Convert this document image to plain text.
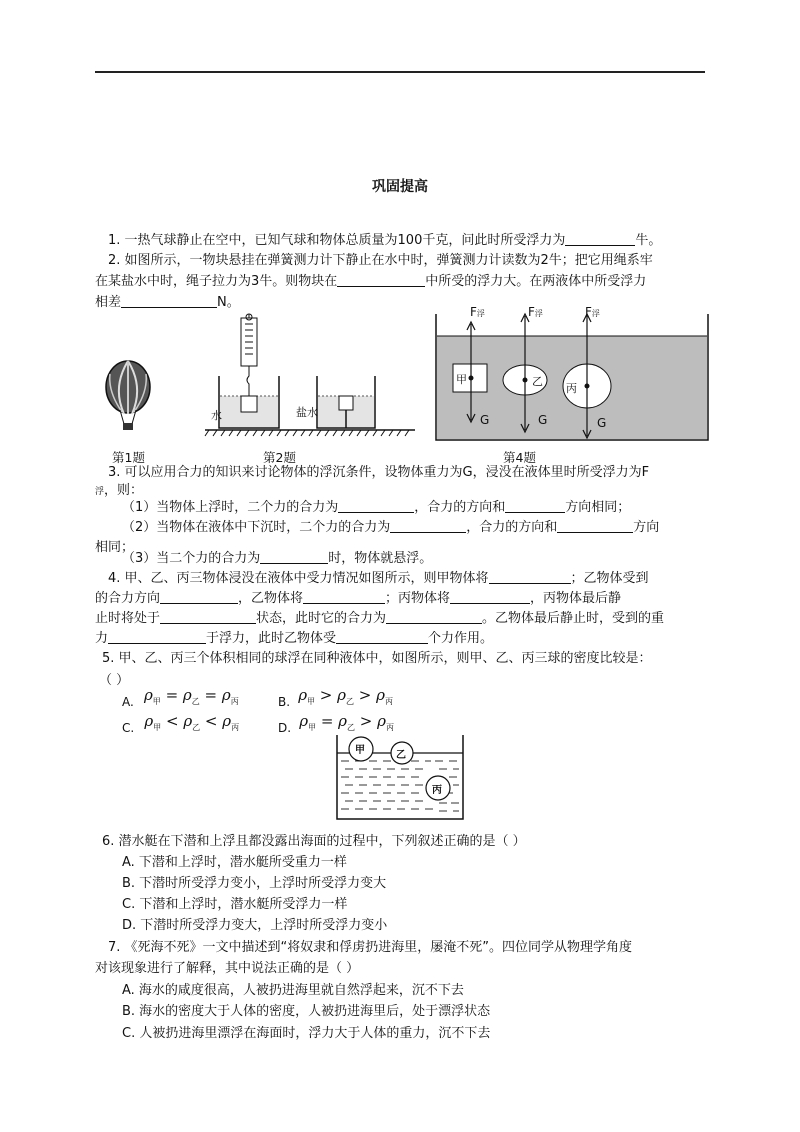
巩固提高
1. 一热气球静止在空中，已知气球和物体总质量为100千克，问此时所受浮力为	牛。
2. 如图所示，一物块悬挂在弹簧测力计下静止在水中时，弹簧测力计读数为2牛；把它用绳系牢
在某盐水中时，绳子拉力为3牛。则物块在	中所受的浮力大。在两液体中所受浮力
相差	N。
第1题
水	盐水
第2题
F浮	F浮	F浮
G	G	G
甲	乙
丙
第4题
3. 可以应用合力的知识来讨论物体的浮沉条件，设物体重力为G，浸没在液体里时所受浮力为F
浮，则：
（1）当物体上浮时，二个力的合力为	，合力的方向和	方向相同；
（2）当物体在液体中下沉时，二个力的合力为	，合力的方向和	方向
相同；
（3）当二个力的合力为	时，物体就悬浮。
4. 甲、乙、丙三物体浸没在液体中受力情况如图所示，则甲物体将	；乙物体受到
的合力方向	，乙物体将	；丙物体将	，丙物体最后静
止时将处于	状态，此时它的合力为	。乙物体最后静止时，受到的重
力	于浮力，此时乙物体受	个力作用。
5. 甲、乙、丙三个体积相同的球浮在同种液体中，如图所示，则甲、乙、丙三球的密度比较是：
（ ）
A. $\rho_甲 = \rho_乙 = \rho_丙$	B. $\rho_甲 > \rho_乙 > \rho_丙$
C. $\rho_甲 < \rho_乙 < \rho_丙$	D. $\rho_甲 = \rho_乙 > \rho_丙$
甲	乙
丙
6. 潜水艇在下潜和上浮且都没露出海面的过程中，下列叙述正确的是（ ）
A. 下潜和上浮时，潜水艇所受重力一样
B. 下潜时所受浮力变小，上浮时所受浮力变大
C. 下潜和上浮时，潜水艇所受浮力一样
D. 下潜时所受浮力变大，上浮时所受浮力变小
7. 《死海不死》一文中描述到“将奴隶和俘虏扔进海里，屡淹不死”。四位同学从物理学角度
对该现象进行了解释，其中说法正确的是（ ）
A. 海水的咸度很高，人被扔进海里就自然浮起来，沉不下去
B. 海水的密度大于人体的密度，人被扔进海里后，处于漂浮状态
C. 人被扔进海里漂浮在海面时，浮力大于人体的重力，沉不下去
